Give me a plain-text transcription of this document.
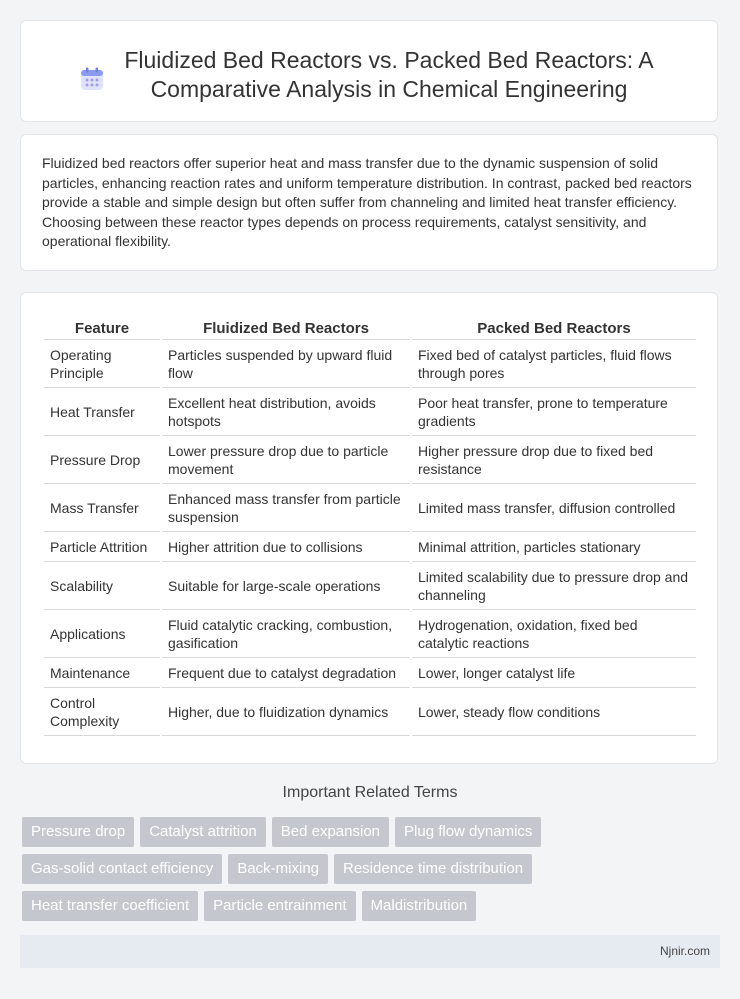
Fluidized Bed Reactors vs. Packed Bed Reactors: A Comparative Analysis in Chemical Engineering

Fluidized bed reactors offer superior heat and mass transfer due to the dynamic suspension of solid particles, enhancing reaction rates and uniform temperature distribution. In contrast, packed bed reactors provide a stable and simple design but often suffer from channeling and limited heat transfer efficiency. Choosing between these reactor types depends on process requirements, catalyst sensitivity, and operational flexibility.

Feature	Fluidized Bed Reactors	Packed Bed Reactors
Operating Principle	Particles suspended by upward fluid flow	Fixed bed of catalyst particles, fluid flows through pores
Heat Transfer	Excellent heat distribution, avoids hotspots	Poor heat transfer, prone to temperature gradients
Pressure Drop	Lower pressure drop due to particle movement	Higher pressure drop due to fixed bed resistance
Mass Transfer	Enhanced mass transfer from particle suspension	Limited mass transfer, diffusion controlled
Particle Attrition	Higher attrition due to collisions	Minimal attrition, particles stationary
Scalability	Suitable for large-scale operations	Limited scalability due to pressure drop and channeling
Applications	Fluid catalytic cracking, combustion, gasification	Hydrogenation, oxidation, fixed bed catalytic reactions
Maintenance	Frequent due to catalyst degradation	Lower, longer catalyst life
Control Complexity	Higher, due to fluidization dynamics	Lower, steady flow conditions
Important Related Terms
Pressure drop	Catalyst attrition	Bed expansion	Plug flow dynamics
Gas-solid contact efficiency	Back-mixing	Residence time distribution
Heat transfer coefficient	Particle entrainment	Maldistribution
Njnir.com
